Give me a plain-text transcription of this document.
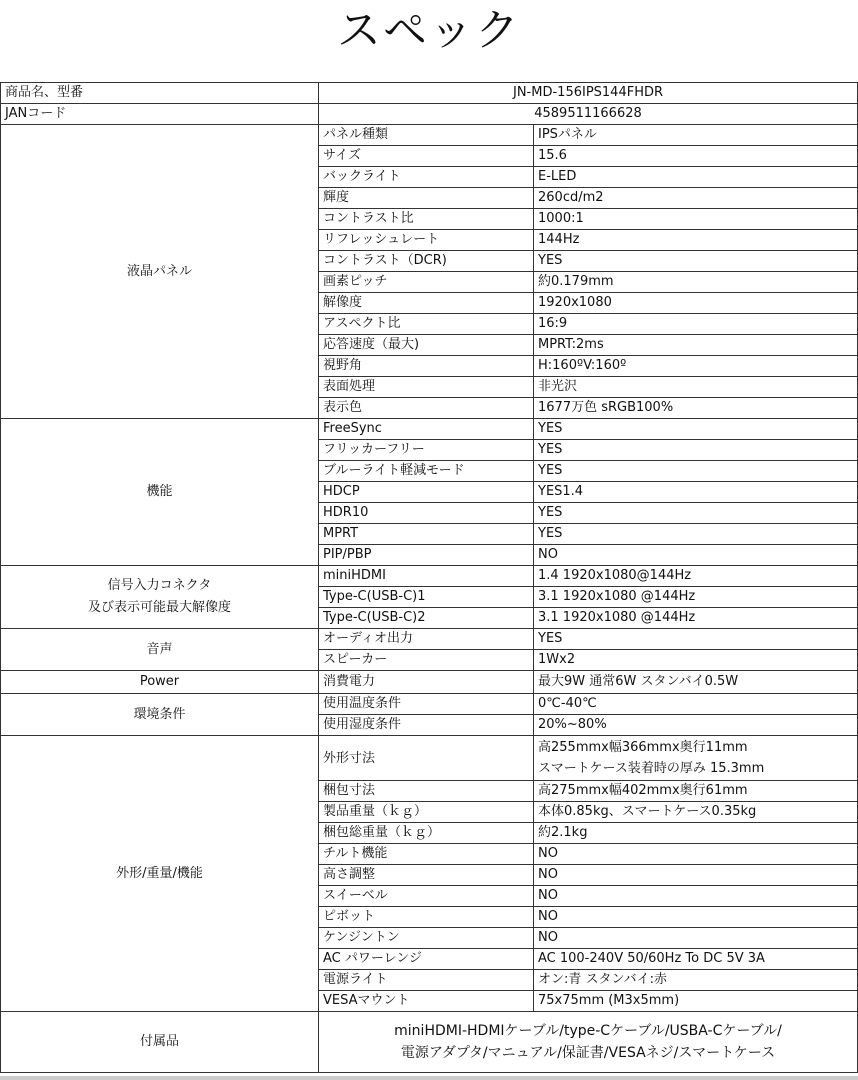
スペック
商品名、型番	JN-MD-156IPS144FHDR	
JANコード	4589511166628	
液晶パネル	パネル種類	IPSパネル
	サイズ	15.6
	バックライト	E-LED
	輝度	260cd/m2
	コントラスト比	1000:1
	リフレッシュレート	144Hz
	コントラスト（DCR)	YES
	画素ピッチ	約0.179mm
	解像度	1920x1080
	アスペクト比	16:9
	応答速度（最大)	MPRT:2ms
	視野角	H:160ºV:160º
	表面処理	非光沢
	表示色	1677万色 sRGB100%
機能	FreeSync	YES
	フリッカーフリー	YES
	ブルーライト軽減モード	YES
	HDCP	YES1.4
	HDR10	YES
	MPRT	YES
	PIP/PBP	NO
信号入力コネクタ
及び表示可能最大解像度	miniHDMI	1.4 1920x1080@144Hz
	Type-C(USB-C)1	3.1 1920x1080 @144Hz
	Type-C(USB-C)2	3.1 1920x1080 @144Hz
音声	オーディオ出力	YES
	スピーカー	1Wx2
Power	消費電力	最大9W 通常6W スタンバイ0.5W
環境条件	使用温度条件	0℃-40℃
	使用湿度条件	20%~80%
外形/重量/機能	外形寸法	高255mmx幅366mmx奥行11mm
スマートケース装着時の厚み 15.3mm
	梱包寸法	高275mmx幅402mmx奥行61mm
	製品重量（ｋｇ）	本体0.85kg、スマートケース0.35kg
	梱包総重量（ｋｇ）	約2.1kg
	チルト機能	NO
	高さ調整	NO
	スイーベル	NO
	ピボット	NO
	ケンジントン	NO
	AC パワーレンジ	AC 100-240V 50/60Hz To DC 5V 3A
	電源ライト	オン:青 スタンバイ:赤
	VESAマウント	75x75mm (M3x5mm)
付属品	miniHDMI-HDMIケーブル/type-Cケーブル/USBA-Cケーブル/
電源アダプタ/マニュアル/保証書/VESAネジ/スマートケース	
